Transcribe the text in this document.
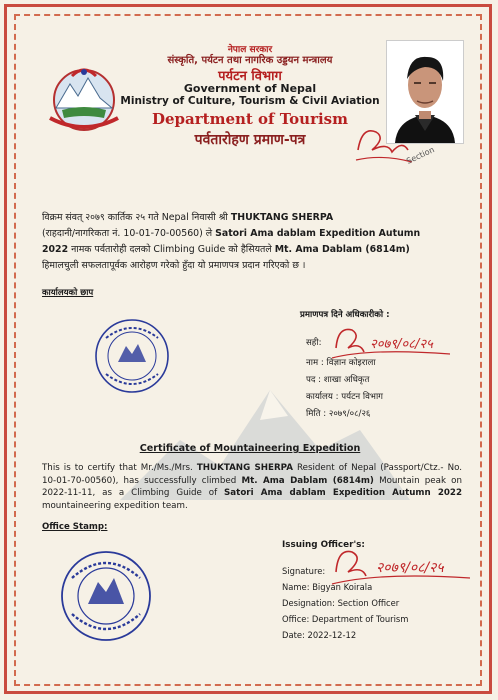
नेपाल सरकार
संस्कृति, पर्यटन तथा नागरिक उड्डयन मन्त्रालय
पर्यटन विभाग
Government of Nepal
Ministry of Culture, Tourism & Civil Aviation
Department of Tourism
पर्वतारोहण प्रमाण-पत्र
Section
विक्रम संवत् २०७९ कार्तिक २५ गते Nepal निवासी श्री THUKTANG SHERPA
(राहदानी/नागरिकता नं. 10-01-70-00560) ले Satori Ama dablam Expedition Autumn
2022 नामक पर्वतारोही दलको Climbing Guide को हैसियतले Mt. Ama Dablam (6814m)
हिमालचुली सफलतापूर्वक आरोहण गरेको हुँदा यो प्रमाणपत्र प्रदान गरिएको छ ।
कार्यालयको छाप
प्रमाणपत्र दिने अधिकारीको :
सही:
नाम : विज्ञान कोइराला
पद : शाखा अधिकृत
कार्यालय : पर्यटन विभाग
मिति : २०७९/०८/२६
२०७९/०८/२५
Certificate of Mountaineering Expedition
This is to certify that Mr./Ms./Mrs. THUKTANG SHERPA Resident of Nepal (Passport/Ctz.- No. 10-01-70-00560), has successfully climbed Mt. Ama Dablam (6814m) Mountain peak on 2022-11-11, as a Climbing Guide of Satori Ama dablam Expedition Autumn 2022 mountaineering expedition team.
Office Stamp:
Issuing Officer's:
Signature:
Name: Bigyan Koirala
Designation: Section Officer
Office: Department of Tourism
Date: 2022-12-12
२०७९/०८/२५
